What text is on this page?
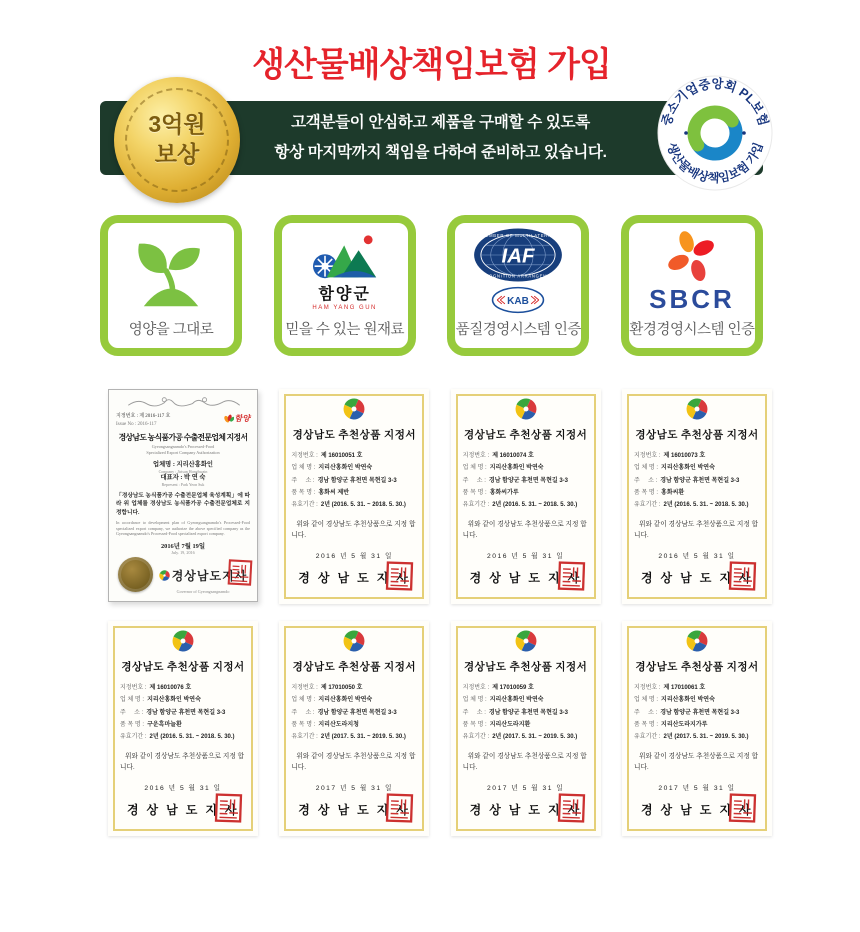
생산물배상책임보험 가입
3억원
보상
고객분들이 안심하고 제품을 구매할 수 있도록
항상 마지막까지 책임을 다하여 준비하고 있습니다.
중소기업중앙회 PL보험
생산물배상책임보험 가입
영양을 그대로
함양군
HAM YANG GUN
믿을 수 있는 원재료
IAF
MEMBER OF MULTILATERAL
RECOGNITION ARRANGEMENT
KAB
품질경영시스템 인증
SBCR
환경경영시스템 인증
지정번호 : 제 2016-117 호
Issue No : 2016-117
함양
경상남도 농식품가공 수출전문업체 지정서
Gyeongsangnamdo's Processed-Food
Specialized Export Company Authorization
업체명 : 지리산홍화인
Company : Jirisan Honghwain
대표자 : 박 연 숙
Represent : Park Yeon Suk
「경상남도 농식품가공 수출전문업체 육성계획」에 따라 위 업체를 경상남도 농식품가공 수출전문업체로 지정합니다.
In accordance to development plan of Gyeongsangnamdo's Processed-Food specialized export company, we authorize the above specified company as the Gyeongsangnamdo's Processed-Food specialized export company.
2016년 7월 19일
July. 19, 2016
경상남도지사
Governor of Gyeongsangnamdo
경상남도 추천상품 지정서
지정번호 : 제 16010051 호
업 체 명 : 지리산홍화인 박연숙
주     소 : 경남 함양군 휴천면 목현길 3-3
품 목 명 : 홍화씨 제반
유효기간 : 2년 (2016. 5. 31. ~ 2018. 5. 30.)
위와 같이 경상남도 추천상품으로 지정 합니다.
2016 년 5 월 31 일
경 상 남 도 지 사
경상남도 추천상품 지정서
지정번호 : 제 16010074 호
업 체 명 : 지리산홍화인 박연숙
주     소 : 경남 함양군 휴천면 목현길 3-3
품 목 명 : 홍화씨가루
유효기간 : 2년 (2016. 5. 31. ~ 2018. 5. 30.)
위와 같이 경상남도 추천상품으로 지정 합니다.
2016 년 5 월 31 일
경 상 남 도 지 사
경상남도 추천상품 지정서
지정번호 : 제 16010073 호
업 체 명 : 지리산홍화인 박연숙
주     소 : 경남 함양군 휴천면 목현길 3-3
품 목 명 : 홍화씨환
유효기간 : 2년 (2016. 5. 31. ~ 2018. 5. 30.)
위와 같이 경상남도 추천상품으로 지정 합니다.
2016 년 5 월 31 일
경 상 남 도 지 사
경상남도 추천상품 지정서
지정번호 : 제 16010076 호
업 체 명 : 지리산홍화인 박연숙
주     소 : 경남 함양군 휴천면 목현길 3-3
품 목 명 : 구운흑마늘환
유효기간 : 2년 (2016. 5. 31. ~ 2018. 5. 30.)
위와 같이 경상남도 추천상품으로 지정 합니다.
2016 년 5 월 31 일
경 상 남 도 지 사
경상남도 추천상품 지정서
지정번호 : 제 17010050 호
업 체 명 : 지리산홍화인 박연숙
주     소 : 경남 함양군 휴천면 목현길 3-3
품 목 명 : 지리산도라지청
유효기간 : 2년 (2017. 5. 31. ~ 2019. 5. 30.)
위와 같이 경상남도 추천상품으로 지정 합니다.
2017 년 5 월 31 일
경 상 남 도 지 사
경상남도 추천상품 지정서
지정번호 : 제 17010059 호
업 체 명 : 지리산홍화인 박연숙
주     소 : 경남 함양군 휴천면 목현길 3-3
품 목 명 : 지리산도라지환
유효기간 : 2년 (2017. 5. 31. ~ 2019. 5. 30.)
위와 같이 경상남도 추천상품으로 지정 합니다.
2017 년 5 월 31 일
경 상 남 도 지 사
경상남도 추천상품 지정서
지정번호 : 제 17010061 호
업 체 명 : 지리산홍화인 박연숙
주     소 : 경남 함양군 휴천면 목현길 3-3
품 목 명 : 지리산도라지가루
유효기간 : 2년 (2017. 5. 31. ~ 2019. 5. 30.)
위와 같이 경상남도 추천상품으로 지정 합니다.
2017 년 5 월 31 일
경 상 남 도 지 사
